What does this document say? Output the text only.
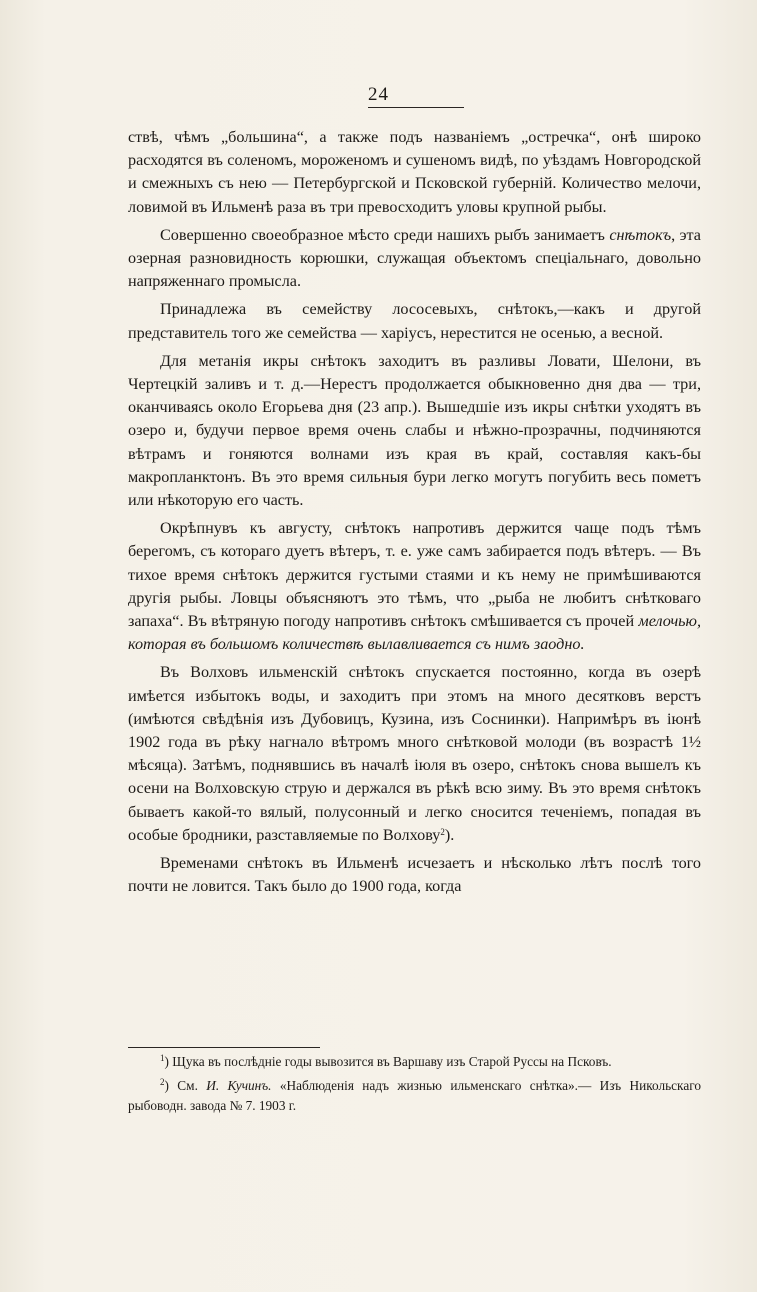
24

ствѣ, чѣмъ „большина“, а также подъ названіемъ „остречка“, онѣ широко расходятся въ соленомъ, мороженомъ и сушеномъ видѣ, по уѣздамъ Новгородской и смежныхъ съ нею — Петербургской и Псковской губерній. Количество мелочи, ловимой въ Ильменѣ раза въ три превосходитъ уловы крупной рыбы.

Совершенно своеобразное мѣсто среди нашихъ рыбъ занимаетъ снѣтокъ, эта озерная разновидность корюшки, служащая объектомъ спеціальнаго, довольно напряженнаго промысла.

Принадлежа въ семейству лососевыхъ, снѣтокъ,—какъ и другой представитель того же семейства — харіусъ, нерестится не осенью, а весной.

Для метанія икры снѣтокъ заходитъ въ разливы Ловати, Шелони, въ Чертецкій заливъ и т. д.—Нерестъ продолжается обыкновенно дня два — три, оканчиваясь около Егорьева дня (23 апр.). Вышедшіе изъ икры снѣтки уходятъ въ озеро и, будучи первое время очень слабы и нѣжно-прозрачны, подчиняются вѣтрамъ и гоняются волнами изъ края въ край, составляя какъ-бы макропланктонъ. Въ это время сильныя бури легко могутъ погубить весь пометъ или нѣкоторую его часть.

Окрѣпнувъ къ августу, снѣтокъ напротивъ держится чаще подъ тѣмъ берегомъ, съ котораго дуетъ вѣтеръ, т. е. уже самъ забирается подъ вѣтеръ. — Въ тихое время снѣтокъ держится густыми стаями и къ нему не примѣшиваются другія рыбы. Ловцы объясняютъ это тѣмъ, что „рыба не любитъ снѣтковаго запаха“. Въ вѣтряную погоду напротивъ снѣтокъ смѣшивается съ прочей мелочью, которая въ большомъ количествѣ вылавливается съ нимъ заодно.

Въ Волховъ ильменскій снѣтокъ спускается постоянно, когда въ озерѣ имѣется избытокъ воды, и заходитъ при этомъ на много десятковъ верстъ (имѣются свѣдѣнія изъ Дубовицъ, Кузина, изъ Соснинки). Напримѣръ въ іюнѣ 1902 года въ рѣку нагнало вѣтромъ много снѣтковой молоди (въ возрастѣ 1½ мѣсяца). Затѣмъ, поднявшись въ началѣ іюля въ озеро, снѣтокъ снова вышелъ къ осени на Волховскую струю и держался въ рѣкѣ всю зиму. Въ это время снѣтокъ бываетъ какой-то вялый, полусонный и легко сносится теченіемъ, попадая въ особые бродники, разставляемые по Волхову$^2$).

Временами снѣтокъ въ Ильменѣ исчезаетъ и нѣсколько лѣтъ послѣ того почти не ловится. Такъ было до 1900 года, когда

$^1$) Щука въ послѣдніе годы вывозится въ Варшаву изъ Старой Руссы на Псковъ.

$^2$) См. И. Кучинъ. «Наблюденія надъ жизнью ильменскаго снѣтка».— Изъ Никольскаго рыбоводн. завода № 7. 1903 г.
